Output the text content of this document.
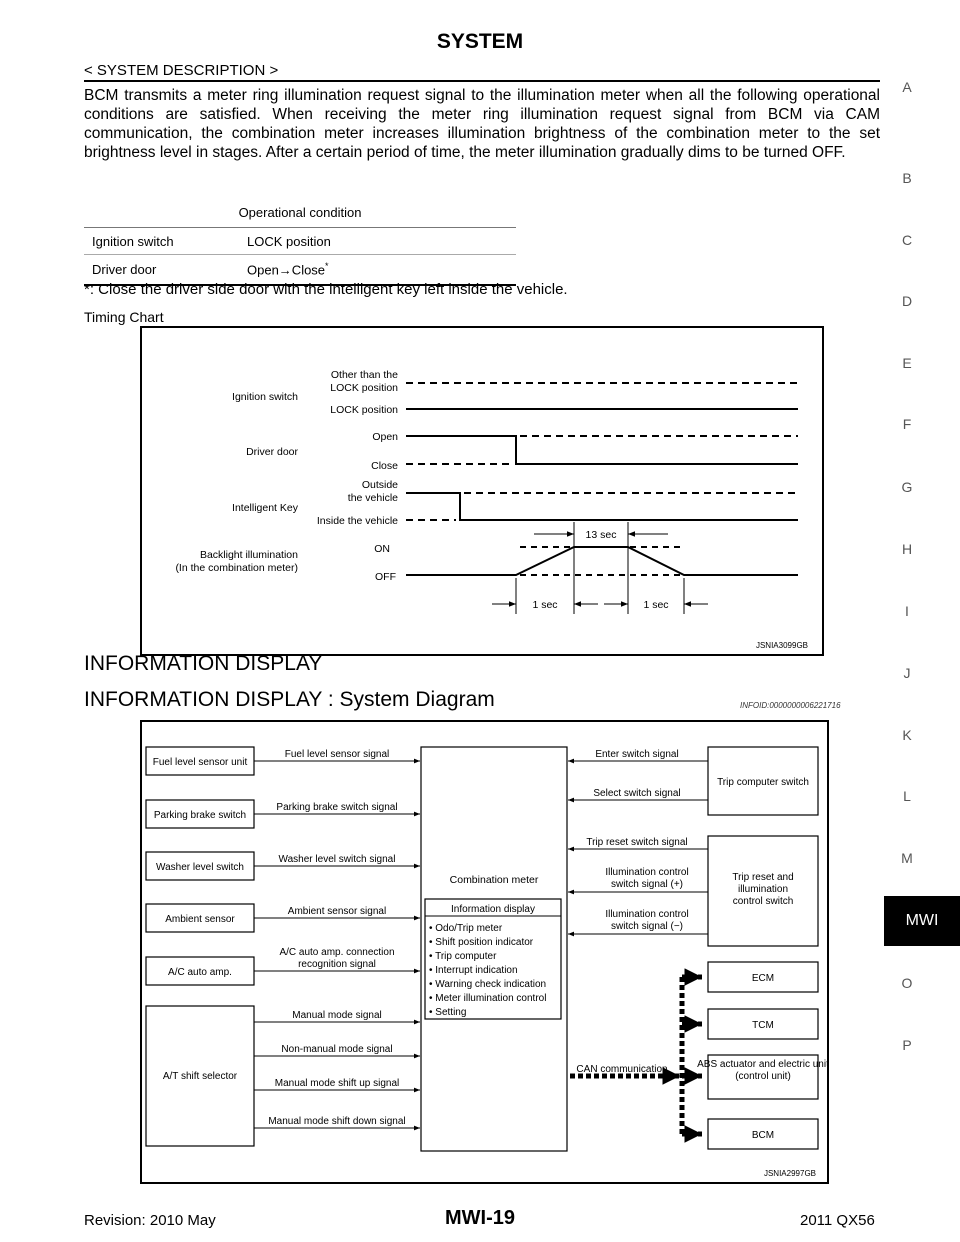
SYSTEM
< SYSTEM DESCRIPTION >

BCM transmits a meter ring illumination request signal to the illumination meter when all the following operational conditions are satisfied. When receiving the meter ring illumination request signal from BCM via CAM communication, the combination meter increases illumination brightness of the combination meter to the set brightness level in stages. After a certain period of time, the meter illumination gradually dims to be turned OFF.

Operational condition	
Ignition switch	LOCK position
Driver door	Open→Close*
*: Close the driver side door with the intelligent key left inside the vehicle.
Timing Chart
Ignition switch
Driver door
Intelligent Key
Backlight illumination (In the combination meter)
Other than the LOCK position
LOCK position
Open
Close
Outside the vehicle
Inside the vehicle
ON
OFF
13 sec
1 sec	1 sec
JSNIA3099GB
INFORMATION DISPLAY
INFORMATION DISPLAY : System Diagram	INFOID:0000000006221716
Fuel level sensor unit
Parking brake switch
Washer level switch
Ambient sensor
A/C auto amp.
A/T shift selector
Fuel level sensor signal
Parking brake switch signal
Washer level switch signal
Ambient sensor signal
A/C auto amp. connection recognition signal
Manual mode signal
Non-manual mode signal
Manual mode shift up signal
Manual mode shift down signal
Combination meter
Information display
• Odo/Trip meter
• Shift position indicator
• Trip computer
• Interrupt indication
• Warning check indication
• Meter illumination control
• Setting
Enter switch signal
Select switch signal
Trip reset switch signal
Illumination control switch signal (+)
Illumination control switch signal (−)
Trip computer switch
Trip reset and illumination control switch
ECM
TCM
ABS actuator and electric unit (control unit)
BCM
CAN communication
JSNIA2997GB
A
B
C
D
E
F
G
H
I
J
K
L
M
MWI
O
P
Revision: 2010 May	MWI-19	2011 QX56
